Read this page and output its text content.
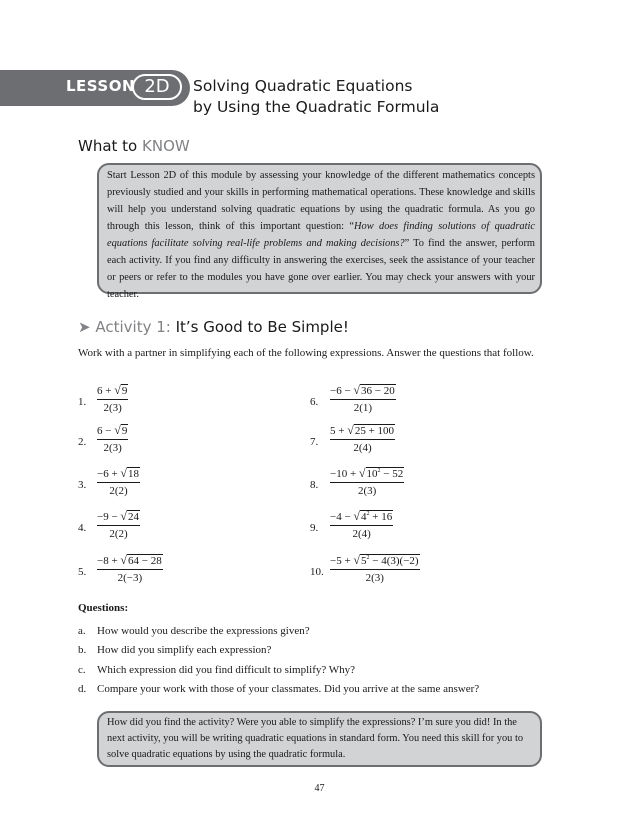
LESSON 2D	Solving Quadratic Equations
by Using the Quadratic Formula
What to KNOW
Start Lesson 2D of this module by assessing your knowledge of the different mathematics concepts previously studied and your skills in performing mathematical operations. These knowledge and skills will help you understand solving quadratic equations by using the quadratic formula. As you go through this lesson, think of this important question: “How does finding solutions of quadratic equations facilitate solving real-life problems and making decisions?” To find the answer, perform each activity. If you find any difficulty in answering the exercises, seek the assistance of your teacher or peers or refer to the modules you have gone over earlier. You may check your answers with your teacher.
➤ Activity 1: It’s Good to Be Simple!
Work with a partner in simplifying each of the following expressions. Answer the questions that follow.
1.
6 + √9
2(3)
2.
6 − √9
2(3)
3.
−6 + √18
2(2)
4.
−9 − √24
2(2)
5.
−8 + √64 − 28
2(−3)
6.
−6 − √36 − 20
2(1)
7.
5 + √25 + 100
2(4)
8.
$-10 + √10^2 - 52$
2(3)
9.
$-4 - √4^2 + 16$
2(4)
10.
$-5 + √5^2 - 4(3)(-2)$
2(3)
Questions:
a. How would you describe the expressions given?
b. How did you simplify each expression?
c. Which expression did you find difficult to simplify? Why?
d. Compare your work with those of your classmates. Did you arrive at the same answer?
How did you find the activity? Were you able to simplify the expressions? I’m sure you did! In the next activity, you will be writing quadratic equations in standard form. You need this skill for you to solve quadratic equations by using the quadratic formula.
47
